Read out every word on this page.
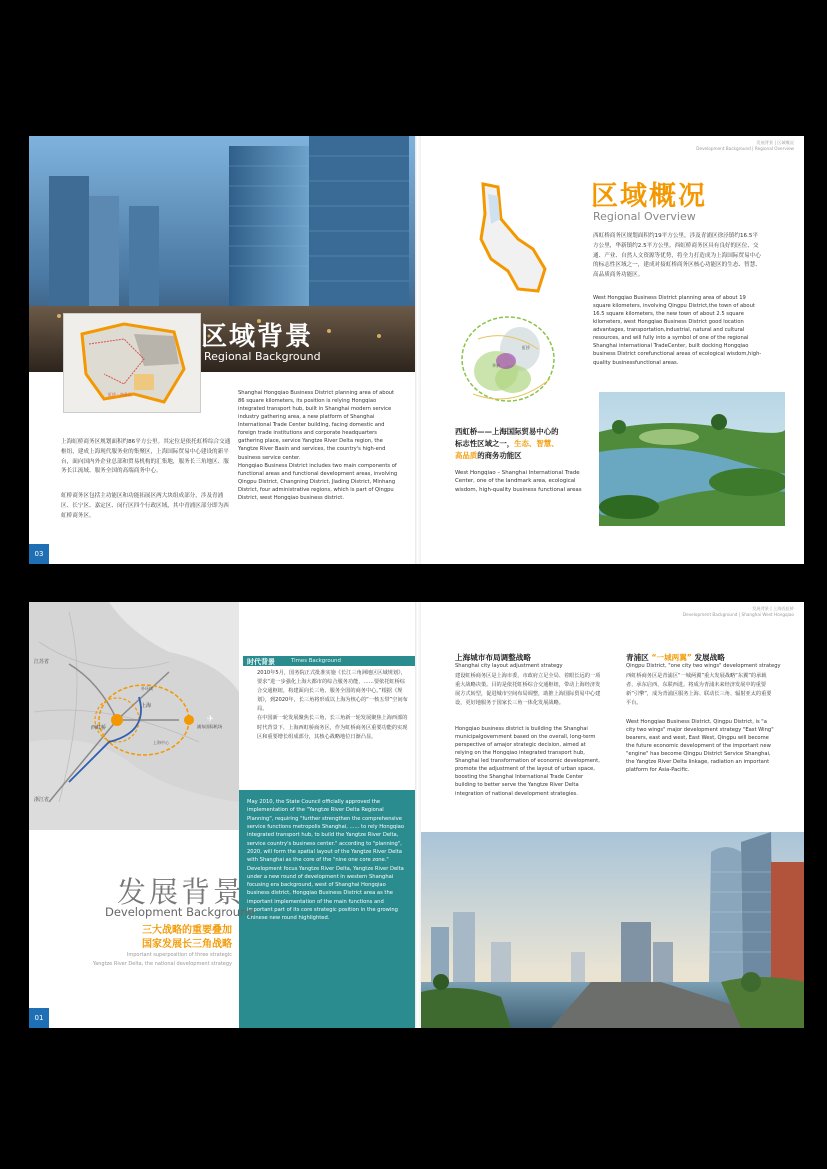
虹桥 · 商务区
区域背景
Regional Background

上海虹桥商务区规划面积约86平方公里。其定位是依托虹桥综合交通枢纽，建成上海现代服务业的集聚区，上海国际贸易中心建设的新平台，面向国内外企业总部和贸易机构的汇集地，服务长三角地区、服务长江流域、服务全国的高端商务中心。

虹桥商务区包括主功能区和功能拓展区两大块组成部分，涉及青浦区、长宁区、嘉定区、闵行区四个行政区域，其中青浦区部分即为西虹桥商务区。

Shanghai Hongqiao Business District planning area of about 86 square kilometers, its position is relying Hongqiao integrated transport hub, built in Shanghai modern service industry gathering area, a new platform of Shanghai International Trade Center building, facing domestic and foreign trade institutions and corporate headquarters gathering place, service Yangtze River Delta region, the Yangtze River Basin and services, the country's high-end business service center.
Hongqiao Business District includes two main components of functional areas and functional development areas, involving Qingpu District, Changning District, Jiading District, Minhang District, four administrative regions, which is part of Qingpu District, west Hongqiao business district.

03
发展背景 | 区域概况
Development Background | Regional Overview
虹桥
华新
区域概况
Regional Overview

西虹桥商务区规划面积约19平方公里，涉及青浦区徐泾镇约16.5平方公里，华新镇约2.5平方公里。西虹桥商务区具有良好的区位、交通、产业、自然人文资源等优势，将全力打造成为上海国际贸易中心的标志性区域之一，建成对接虹桥商务区核心功能区的生态、智慧、高品质商务功能区。

West Hongqiao Business District planning area of about 19 square kilometers, involving Qingpu District,the town of about 16.5 square kilometers, the new town of about 2.5 square kilometers, west Hongqiao Business District good location advantages, transportation,industrial, natural and cultural resources, and will fully into a symbol of one of the regional Shanghai international TradeCenter, built docking Hongqiao business District corefunctional areas of ecological wisdom,high-quality businessfunctional areas.

西虹桥——上海国际贸易中心的
标志性区域之一，生态、智慧、
高品质的商务功能区

West Hongqiao – Shanghai International Trade Center, one of the landmark area, ecological wisdom, high-quality business functional areas

江苏省
浙江省
西虹桥
上海
浦东国际机场
外环线
上海中心
✈
时代背景	Times Background

2010年5月，国务院正式批准实施《长江三角洲地区区域规划》，要求“进一步强化上海大都市的综合服务功能，……要依托虹桥综合交通枢纽，构建面向长三角、服务全国的商务中心。”根据《规划》，到2020年，长三角将形成以上海为核心的“一核五带”空间布局。
在中国新一轮发展聚焦长三角，长三角新一轮发展聚焦上海西部的时代背景下，上海西虹桥商务区，作为虹桥商务区重要功能的实现区和重要增长组成部分，其核心战略地位日渐凸显。

May 2010, the State Council officially approved the implementation of the "Yangtze River Delta Regional Planning", requiring "further strengthen the comprehensive service functions metropolis Shanghai, ...... to rely Hongqiao integrated transport hub, to build the Yangtze River Delta, service country's business center." according to "planning", 2020, will form the spatial layout of the Yangtze River Delta with Shanghai as the core of the "nine one core zone."
Development focus Yangtze River Delta, Yangtze River Delta under a new round of development in western Shanghai focusing era background, west of Shanghai Hongqiao business district, Hongqiao Business District area as the important implementation of the main functions and important part of its core strategic position in the growing Chinese new round highlighted.

发展背景
Development Background
三大战略的重要叠加
国家发展长三角战略
Important superposition of three strategic
Yangtze River Delta, the national development strategy
01
发展背景 | 上海西虹桥
Development Background | Shanghai West Hongqiao
上海城市布局调整战略
Shanghai city layout adjustment strategy

建设虹桥商务区是上海市委、市政府立足全局、着眼长远的一项重大战略决策。目的是依托虹桥综合交通枢纽，带动上海经济发展方式转型，促进城市空间布局调整，助推上海国际贸易中心建设，更好地服务于国家长三角一体化发展战略。

Hongqiao business district is building the Shanghai municipalgovernment based on the overall, long-term perspective of amajor strategic decision, aimed at relying on the Hongqiao integrated transport hub, Shanghai led transformation of economic development, promote the adjustment of the layout of urban space, boosting the Shanghai International Trade Center building to better serve the Yangtze River Delta integration of national development strategies.

青浦区 “一城两翼” 发展战略
Qingpu District, "one city two wings" development strategy

西虹桥商务区是青浦区“一城两翼”重大发展战略“东翼”的承载者，承东启西、东联西进。将成为青浦未来经济发展中的重要新“引擎”，成为青浦区服务上海、联动长三角、辐射亚太的重要平台。

West Hongqiao Business District, Qingpu District, is "a city two wings" major development strategy "East Wing" bearers, east and west, East West, Qingpu will become the future economic development of the important new "engine" has become Qingpu District Service Shanghai, the Yangtze River Delta linkage, radiation an important platform for Asia-Pacific.
